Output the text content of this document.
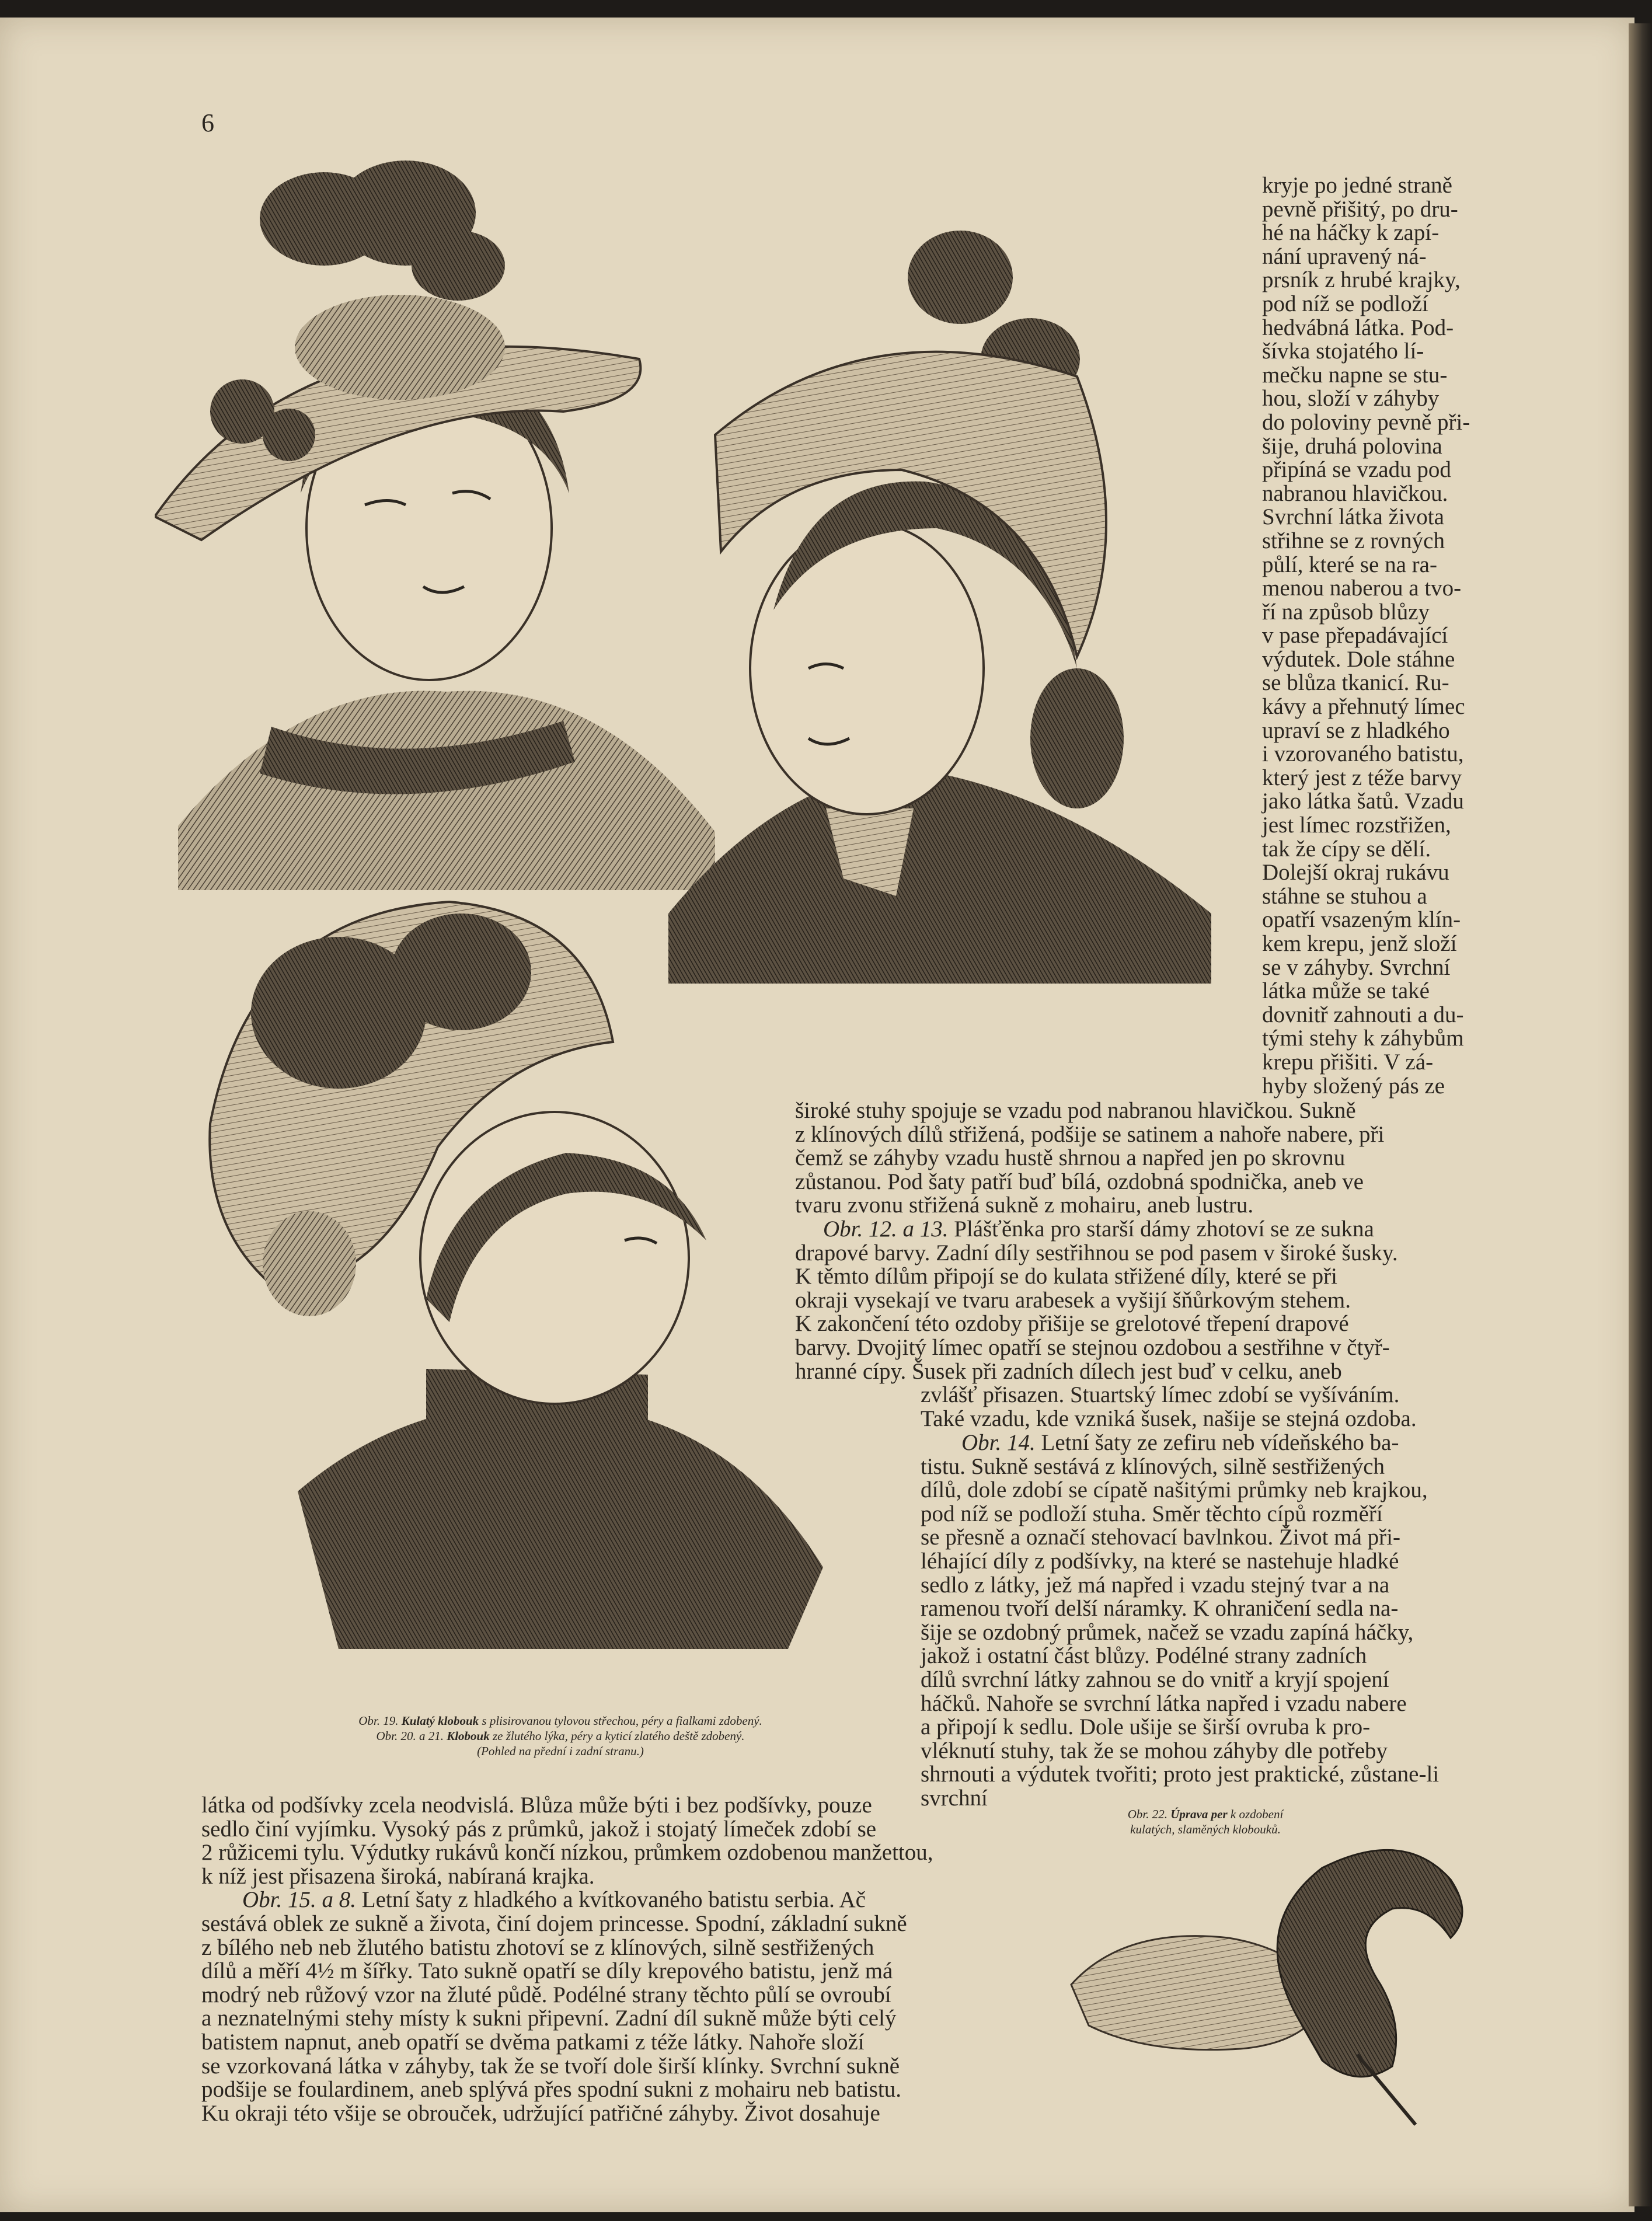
6

kryje po jedné straně
pevně přišitý, po dru-
hé na háčky k zapí-
nání upravený ná-
prsník z hrubé krajky,
pod níž se podloží
hedvábná látka. Pod-
šívka stojatého lí-
mečku napne se stu-
hou, složí v záhyby
do poloviny pevně při-
šije, druhá polovina
připíná se vzadu pod
nabranou hlavičkou.
Svrchní látka života
střihne se z rovných
půlí, které se na ra-
menou naberou a tvo-
ří na způsob blůzy
v pase přepadávající
výdutek. Dole stáhne
se blůza tkanicí. Ru-
kávy a přehnutý límec
upraví se z hladkého
i vzorovaného batistu,
který jest z téže barvy
jako látka šatů. Vzadu
jest límec rozstřižen,
tak že cípy se dělí.
Dolejší okraj rukávu
stáhne se stuhou a
opatří vsazeným klín-
kem krepu, jenž složí
se v záhyby. Svrchní
látka může se také
dovnitř zahnouti a du-
tými stehy k záhybům
krepu přišiti. V zá-
hyby složený pás ze
široké stuhy spojuje se vzadu pod nabranou hlavičkou. Sukně
z klínových dílů střižená, podšije se satinem a nahoře nabere, při
čemž se záhyby vzadu hustě shrnou a napřed jen po skrovnu
zůstanou. Pod šaty patří buď bílá, ozdobná spodnička, aneb ve
tvaru zvonu střižená sukně z mohairu, aneb lustru.
Obr. 12. a 13. Plášťěnka pro starší dámy zhotoví se ze sukna
drapové barvy. Zadní díly sestřihnou se pod pasem v široké šusky.
K těmto dílům připojí se do kulata střižené díly, které se při
okraji vysekají ve tvaru arabesek a vyšijí šňůrkovým stehem.
K zakončení této ozdoby přišije se grelotové třepení drapové
barvy. Dvojitý límec opatří se stejnou ozdobou a sestřihne v čtyř-
hranné cípy. Šusek při zadních dílech jest buď v celku, aneb
zvlášť přisazen. Stuartský límec zdobí se vyšíváním.
Také vzadu, kde vzniká šusek, našije se stejná ozdoba.
Obr. 14. Letní šaty ze zefiru neb vídeňského ba-
tistu. Sukně sestává z klínových, silně sestřižených
dílů, dole zdobí se cípatě našitými průmky neb krajkou,
pod níž se podloží stuha. Směr těchto cípů rozměří
se přesně a označí stehovací bavlnkou. Život má při-
léhající díly z podšívky, na které se nastehuje hladké
sedlo z látky, jež má napřed i vzadu stejný tvar a na
ramenou tvoří delší náramky. K ohraničení sedla na-
šije se ozdobný průmek, načež se vzadu zapíná háčky,
jakož i ostatní část blůzy. Podélné strany zadních
dílů svrchní látky zahnou se do vnitř a kryjí spojení
háčků. Nahoře se svrchní látka napřed i vzadu nabere
a připojí k sedlu. Dole ušije se širší ovruba k pro-
vléknutí stuhy, tak že se mohou záhyby dle potřeby
shrnouti a výdutek tvořiti; proto jest praktické, zůstane-li
svrchní
Obr. 19. Kulatý klobouk s plisirovanou tylovou střechou, péry a fialkami zdobený.
Obr. 20. a 21. Klobouk ze žlutého lýka, péry a kyticí zlatého deště zdobený.
(Pohled na přední i zadní stranu.)
Obr. 22. Úprava per k ozdobení
kulatých, slaměných klobouků.
látka od podšívky zcela neodvislá. Blůza může býti i bez podšívky, pouze
sedlo činí vyjímku. Vysoký pás z průmků, jakož i stojatý límeček zdobí se
2 růžicemi tylu. Výdutky rukávů končí nízkou, průmkem ozdobenou manžettou,
k níž jest přisazena široká, nabíraná krajka.
Obr. 15. a 8. Letní šaty z hladkého a kvítkovaného batistu serbia. Ač
sestává oblek ze sukně a života, činí dojem princesse. Spodní, základní sukně
z bílého neb neb žlutého batistu zhotoví se z klínových, silně sestřižených
dílů a měří 4½ m šířky. Tato sukně opatří se díly krepového batistu, jenž má
modrý neb růžový vzor na žluté půdě. Podélné strany těchto půlí se ovroubí
a neznatelnými stehy místy k sukni připevní. Zadní díl sukně může býti celý
batistem napnut, aneb opatří se dvěma patkami z téže látky. Nahoře složí
se vzorkovaná látka v záhyby, tak že se tvoří dole širší klínky. Svrchní sukně
podšije se foulardinem, aneb splývá přes spodní sukni z mohairu neb batistu.
Ku okraji této všije se obrouček, udržující patřičné záhyby. Život dosahuje
